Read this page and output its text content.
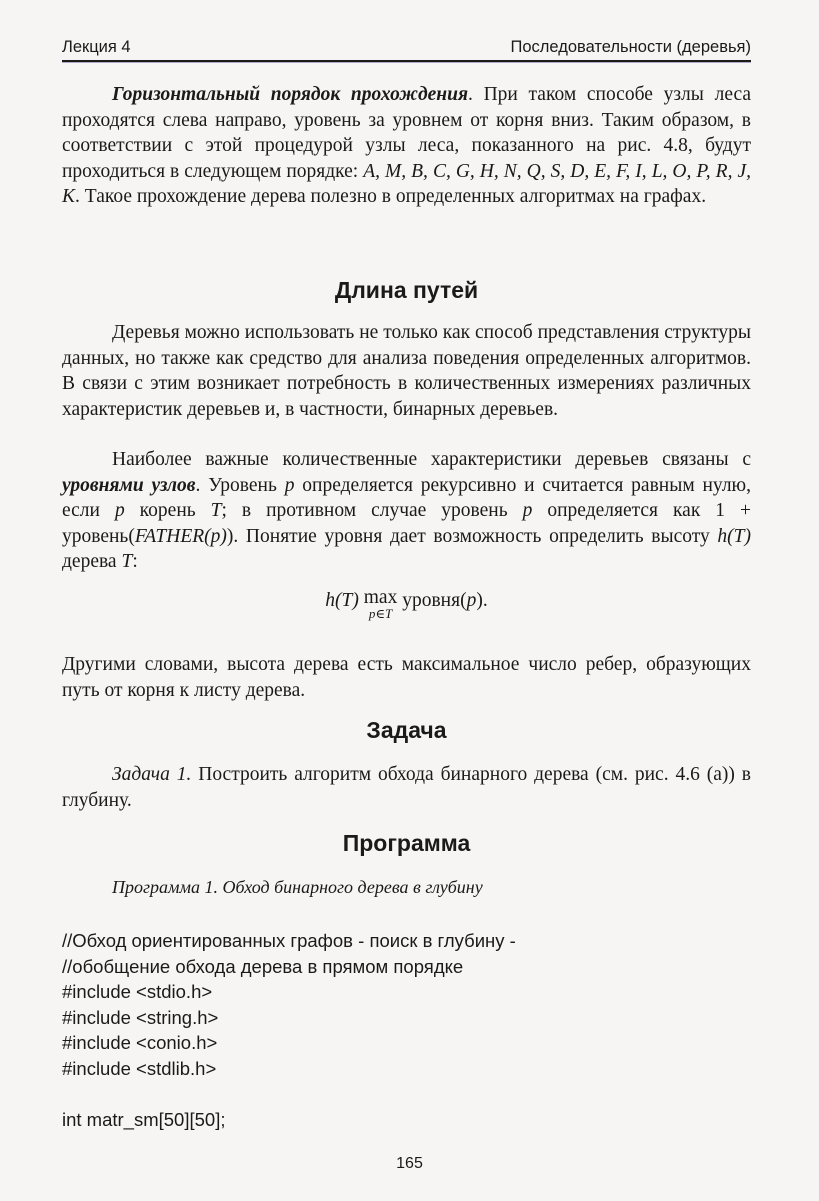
Лекция 4	Последовательности (деревья)

Горизонтальный порядок прохождения. При таком способе узлы леса проходятся слева направо, уровень за уровнем от корня вниз. Таким образом, в соответствии с этой процедурой узлы леса, показанного на рис. 4.8, будут проходиться в следующем порядке: A, M, B, C, G, H, N, Q, S, D, E, F, I, L, O, P, R, J, K. Такое прохождение дерева полезно в определенных алгоритмах на графах.

Длина путей

Деревья можно использовать не только как способ представления структуры данных, но также как средство для анализа поведения определенных алгоритмов. В связи с этим возникает потребность в количественных измерениях различных характеристик деревьев и, в частности, бинарных деревьев.

Наиболее важные количественные характеристики деревьев связаны с уровнями узлов. Уровень p определяется рекурсивно и считается равным нулю, если p корень T; в противном случае уровень p определяется как 1 + уровень(FATHER(p)). Понятие уровня дает возможность определить высоту h(T) дерева T:

h(T) max
p∈T
уровня(p).

Другими словами, высота дерева есть максимальное число ребер, образующих путь от корня к листу дерева.

Задача

Задача 1. Построить алгоритм обхода бинарного дерева (см. рис. 4.6 (а)) в глубину.

Программа
Программа 1. Обход бинарного дерева в глубину
//Обход ориентированных графов - поиск в глубину -
//обобщение обхода дерева в прямом порядке
#include <stdio.h>
#include <string.h>
#include <conio.h>
#include <stdlib.h>

int matr_sm[50][50];
165
